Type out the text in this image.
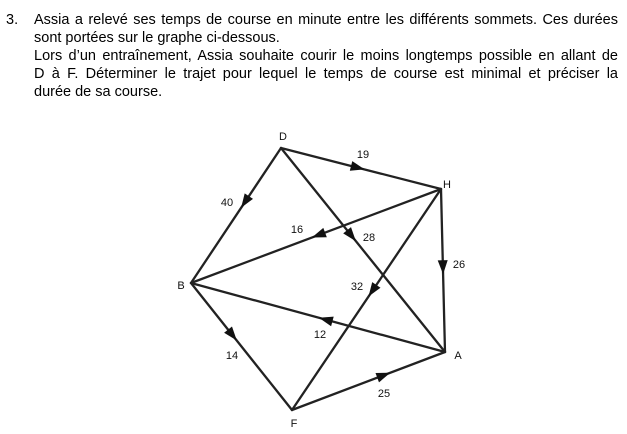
3. Assia a relevé ses temps de course en minute entre les différents sommets. Ces durées
sont portées sur le graphe ci-dessous.
Lors d’un entraînement, Assia souhaite courir le moins longtemps possible en allant de
D à F. Déterminer le trajet pour lequel le temps de course est minimal et préciser la
durée de sa course.
19
40
28
16
26
32
12
14
25
D
H
A
F
B
